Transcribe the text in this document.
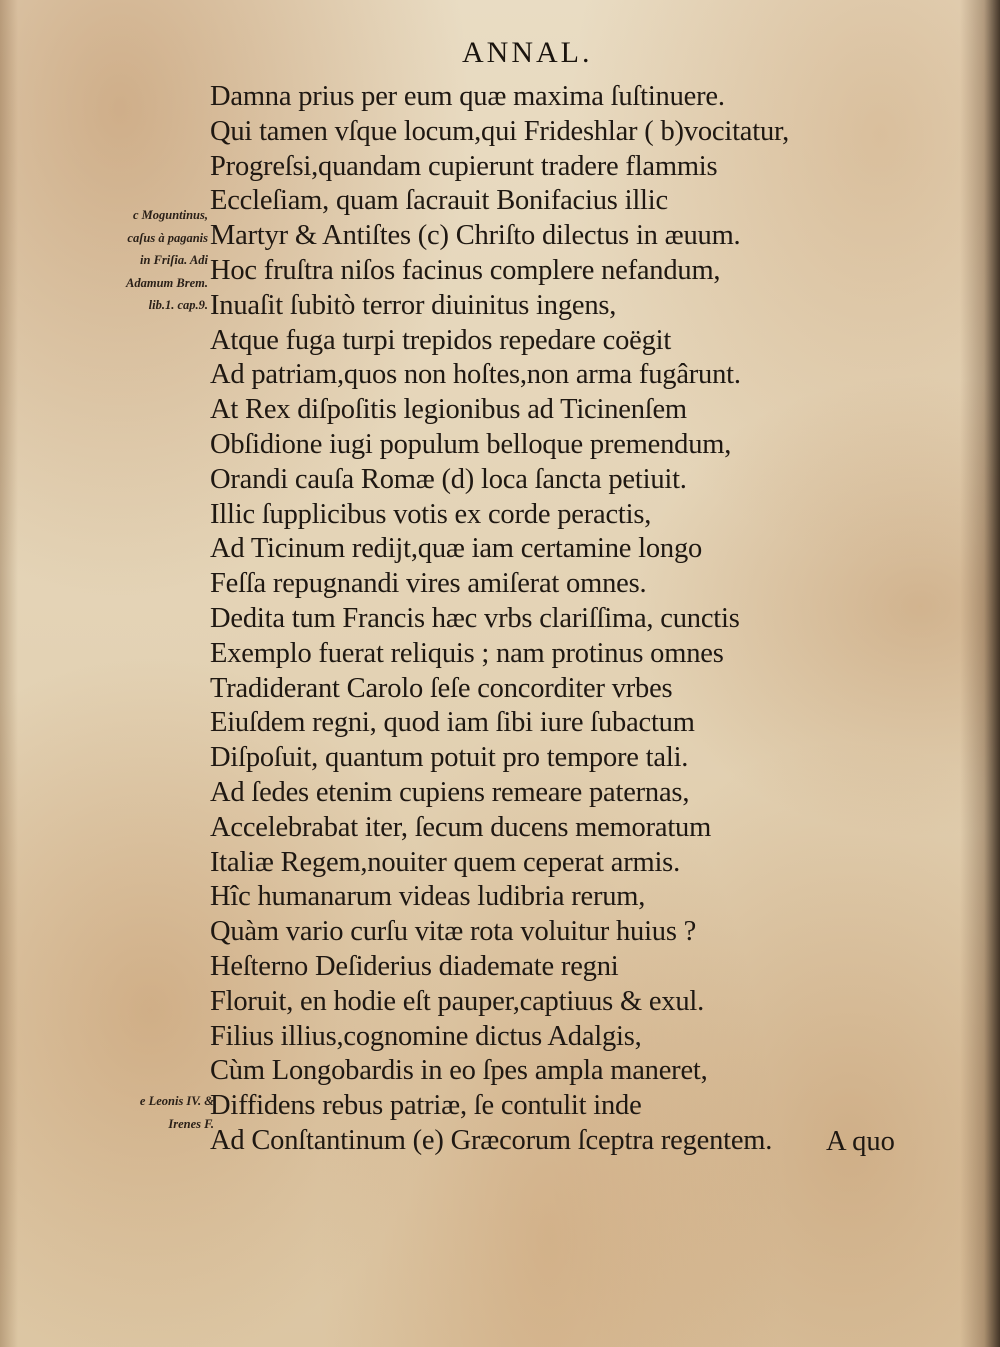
ANNAL.
c Moguntinus,
caſus à paganis
in Friſia. Adi
Adamum Brem.
lib.1. cap.9.
Damna prius per eum quæ maxima ſuſtinuere.
Qui tamen vſque locum,qui Frideshlar ( b)vocitatur,
Progreſsi,quandam cupierunt tradere flammis
Eccleſiam, quam ſacrauit Bonifacius illic
Martyr & Antiſtes (c) Chriſto dilectus in æuum.
Hoc fruſtra niſos facinus complere nefandum,
Inuaſit ſubitò terror diuinitus ingens,
Atque fuga turpi trepidos repedare coëgit
Ad patriam,quos non hoſtes,non arma fugârunt.
At Rex diſpoſitis legionibus ad Ticinenſem
Obſidione iugi populum belloque premendum,
Orandi cauſa Romæ (d) loca ſancta petiuit.
Illic ſupplicibus votis ex corde peractis,
Ad Ticinum redijt,quæ iam certamine longo
Feſſa repugnandi vires amiſerat omnes.
Dedita tum Francis hæc vrbs clariſſima, cunctis
Exemplo fuerat reliquis ; nam protinus omnes
Tradiderant Carolo ſeſe concorditer vrbes
Eiuſdem regni, quod iam ſibi iure ſubactum
Diſpoſuit, quantum potuit pro tempore tali.
Ad ſedes etenim cupiens remeare paternas,
Accelebrabat iter, ſecum ducens memoratum
Italiæ Regem,nouiter quem ceperat armis.
Hîc humanarum videas ludibria rerum,
Quàm vario curſu vitæ rota voluitur huius ?
Heſterno Deſiderius diademate regni
Floruit, en hodie eſt pauper,captiuus & exul.
Filius illius,cognomine dictus Adalgis,
Cùm Longobardis in eo ſpes ampla maneret,
Diffidens rebus patriæ, ſe contulit inde
Ad Conſtantinum (e) Græcorum ſceptra regentem.
e Leonis IV. &
Irenes F.
A quo
